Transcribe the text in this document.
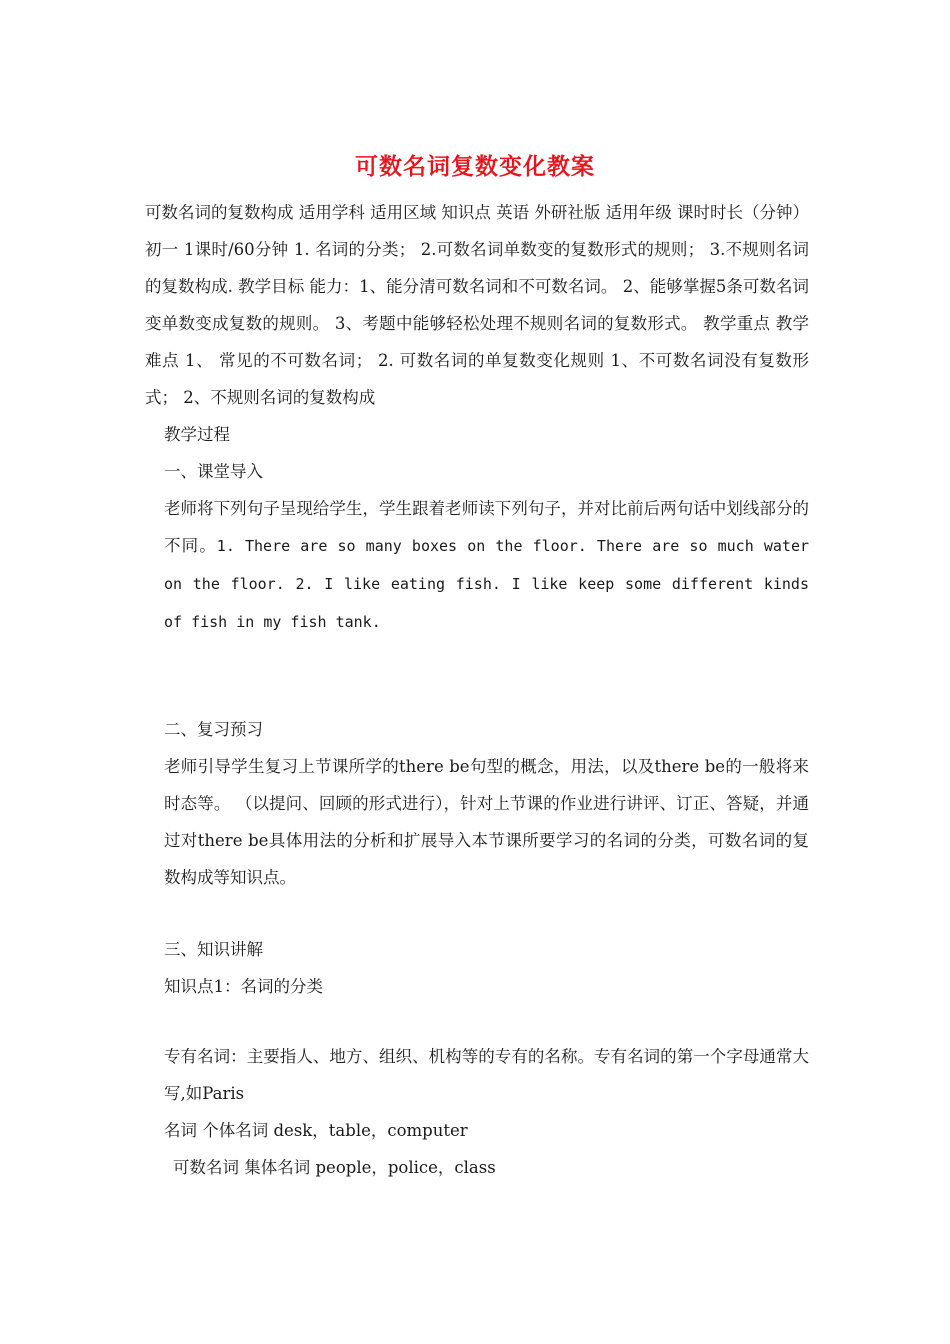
可数名词复数变化教案

可数名词的复数构成 适用学科 适用区域 知识点 英语 外研社版 适用年级 课时时长（分钟） 初一 1课时/60分钟 1. 名词的分类； 2.可数名词单数变的复数形式的规则； 3.不规则名词的复数构成. 教学目标 能力：1、能分清可数名词和不可数名词。 2、能够掌握5条可数名词变单数变成复数的规则。 3、考题中能够轻松处理不规则名词的复数形式。 教学重点 教学难点 1、 常见的不可数名词； 2. 可数名词的单复数变化规则 1、不可数名词没有复数形式； 2、不规则名词的复数构成

教学过程

一、课堂导入

老师将下列句子呈现给学生，学生跟着老师读下列句子，并对比前后两句话中划线部分的不同。1. There are so many boxes on the floor. There are so much water on the floor. 2. I like eating fish. I like keep some different kinds of fish in my fish tank.

二、复习预习

老师引导学生复习上节课所学的there be句型的概念，用法，以及there be的一般将来时态等。 （以提问、回顾的形式进行），针对上节课的作业进行讲评、订正、答疑，并通过对there be具体用法的分析和扩展导入本节课所要学习的名词的分类，可数名词的复数构成等知识点。

三、知识讲解

知识点1：名词的分类

专有名词：主要指人、地方、组织、机构等的专有的名称。专有名词的第一个字母通常大写,如Paris

名词 个体名词 desk，table，computer

可数名词 集体名词 people，police，class
